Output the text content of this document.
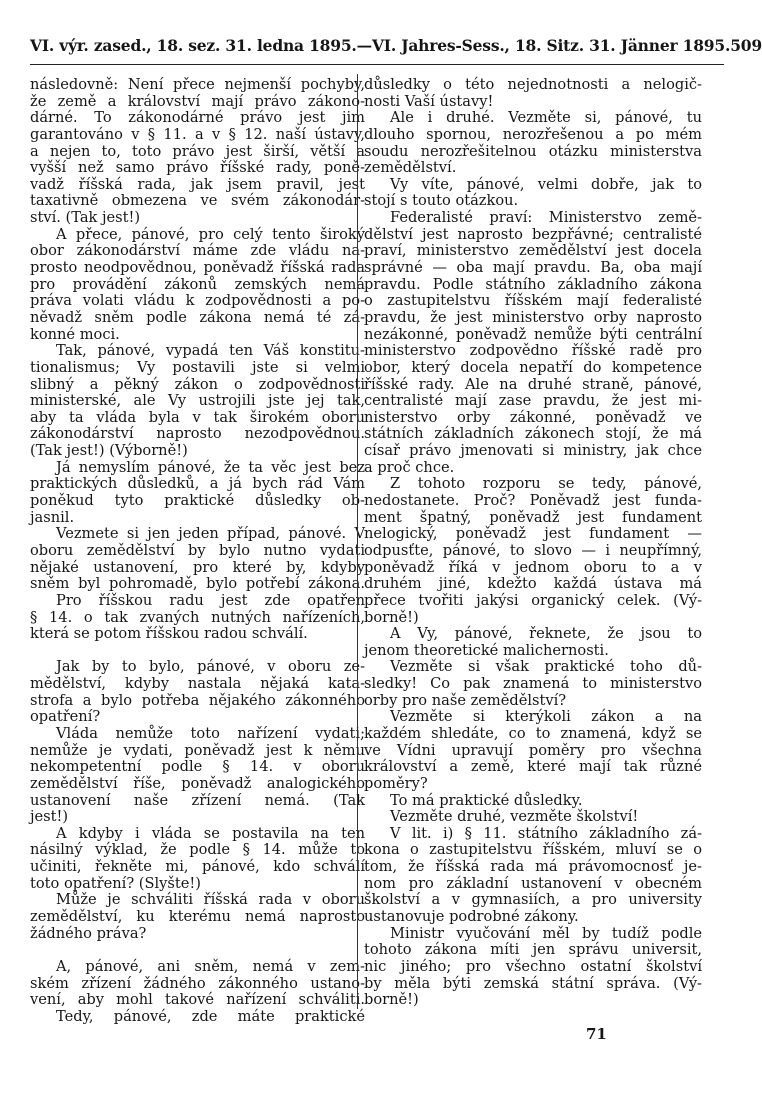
VI. výr. zased., 18. sez. 31. ledna 1895. — VI. Jahres-Sess., 18. Sitz. 31. Jänner 1895. 509
následovně: Není přece nejmenší pochyby,
že země a království mají právo zákono-
dárné. To zákonodárné právo jest jim
garantováno v § 11. a v § 12. naší ústavy,
a nejen to, toto právo jest širší, větší a
vyšší než samo právo říšské rady, poně-
vadž říšská rada, jak jsem pravil, jest
taxativně obmezena ve svém zákonodár-
ství. (Tak jest!)
A přece, pánové, pro celý tento široký
obor zákonodárství máme zde vládu na-
prosto neodpovědnou, poněvadž říšská rada
pro provádění zákonů zemských nemá
práva volati vládu k zodpovědnosti a po-
něvadž sněm podle zákona nemá té zá-
konné moci.
Tak, pánové, vypadá ten Váš konstitu-
tionalismus; Vy postavili jste si velmi
slibný a pěkný zákon o zodpovědnosti
ministerské, ale Vy ustrojili jste jej tak,
aby ta vláda byla v tak širokém oboru
zákonodárství naprosto nezodpovědnou.
(Tak jest!) (Výborně!)
Já nemyslím pánové, že ta věc jest bez
praktických důsledků, a já bych rád Vám
poněkud tyto praktické důsledky ob-
jasnil.
Vezmete si jen jeden případ, pánové. V
oboru zemědělství by bylo nutno vydati
nějaké ustanovení, pro které by, kdyby
sněm byl pohromadě, bylo potřebí zákona.
Pro říšskou radu jest zde opatřen
§ 14. o tak zvaných nutných nařízeních,
která se potom říšskou radou schválí.
Jak by to bylo, pánové, v oboru ze-
mědělství, kdyby nastala nějaká kata-
strofa a bylo potřeba nějakého zákonného
opatření?
Vláda nemůže toto nařízení vydati;
nemůže je vydati, poněvadž jest k němu
nekompetentní podle § 14. v oboru
zemědělství říše, poněvadž analogického
ustanovení naše zřízení nemá. (Tak
jest!)
A kdyby i vláda se postavila na ten
násilný výklad, že podle § 14. může to
učiniti, řekněte mi, pánové, kdo schválí
toto opatření? (Slyšte!)
Může je schváliti říšská rada v oboru
zemědělství, ku kterému nemá naprosto
žádného práva?
A, pánové, ani sněm, nemá v zem-
ském zřízení žádného zákonného ustano-
vení, aby mohl takové nařízení schváliti.
Tedy, pánové, zde máte praktické
důsledky o této nejednotnosti a nelogič-
nosti Vaší ústavy!
Ale i druhé. Vezměte si, pánové, tu
dlouho spornou, nerozřešenou a po mém
soudu nerozřešitelnou otázku ministerstva
zemědělství.
Vy víte, pánové, velmi dobře, jak to
stojí s touto otázkou.
Federalisté praví: Ministerstvo země-
dělství jest naprosto bezpřávné; centralisté
praví, ministerstvo zemědělství jest docela
správné — oba mají pravdu. Ba, oba mají
pravdu. Podle státního základního zákona
o zastupitelstvu říšském mají federalisté
pravdu, že jest ministerstvo orby naprosto
nezákonné, poněvadž nemůže býti centrální
ministerstvo zodpovědno říšské radě pro
obor, který docela nepatří do kompetence
říšské rady. Ale na druhé straně, pánové,
centralisté mají zase pravdu, že jest mi-
nisterstvo orby zákonné, poněvadž ve
státních základních zákonech stojí, že má
císař právo jmenovati si ministry, jak chce
a proč chce.
Z tohoto rozporu se tedy, pánové,
nedostanete. Proč? Poněvadž jest funda-
ment špatný, poněvadž jest fundament
nelogický, poněvadž jest fundament —
odpusťte, pánové, to slovo — i neupřímný,
poněvadž říká v jednom oboru to a v
druhém jiné, kdežto každá ústava má
přece tvořiti jakýsi organický celek. (Vý-
borně!)
A Vy, pánové, řeknete, že jsou to
jenom theoretické malichernosti.
Vezměte si však praktické toho dů-
sledky! Co pak znamená to ministerstvo
orby pro naše zemědělství?
Vezměte si kterýkoli zákon a na
každém shledáte, co to znamená, když se
ve Vídni upravují poměry pro všechna
království a země, které mají tak různé
poměry?
To má praktické důsledky.
Vezměte druhé, vezměte školství!
V lit. i) § 11. státního základního zá-
kona o zastupitelstvu říšském, mluví se o
tom, že říšská rada má právomocnosť je-
nom pro základní ustanovení v obecném
školství a v gymnasiích, a pro university
ustanovuje podrobné zákony.
Ministr vyučování měl by tudíž podle
tohoto zákona míti jen správu universit,
nic jiného; pro všechno ostatní školství
by měla býti zemská státní správa. (Vý-
borně!)
71
